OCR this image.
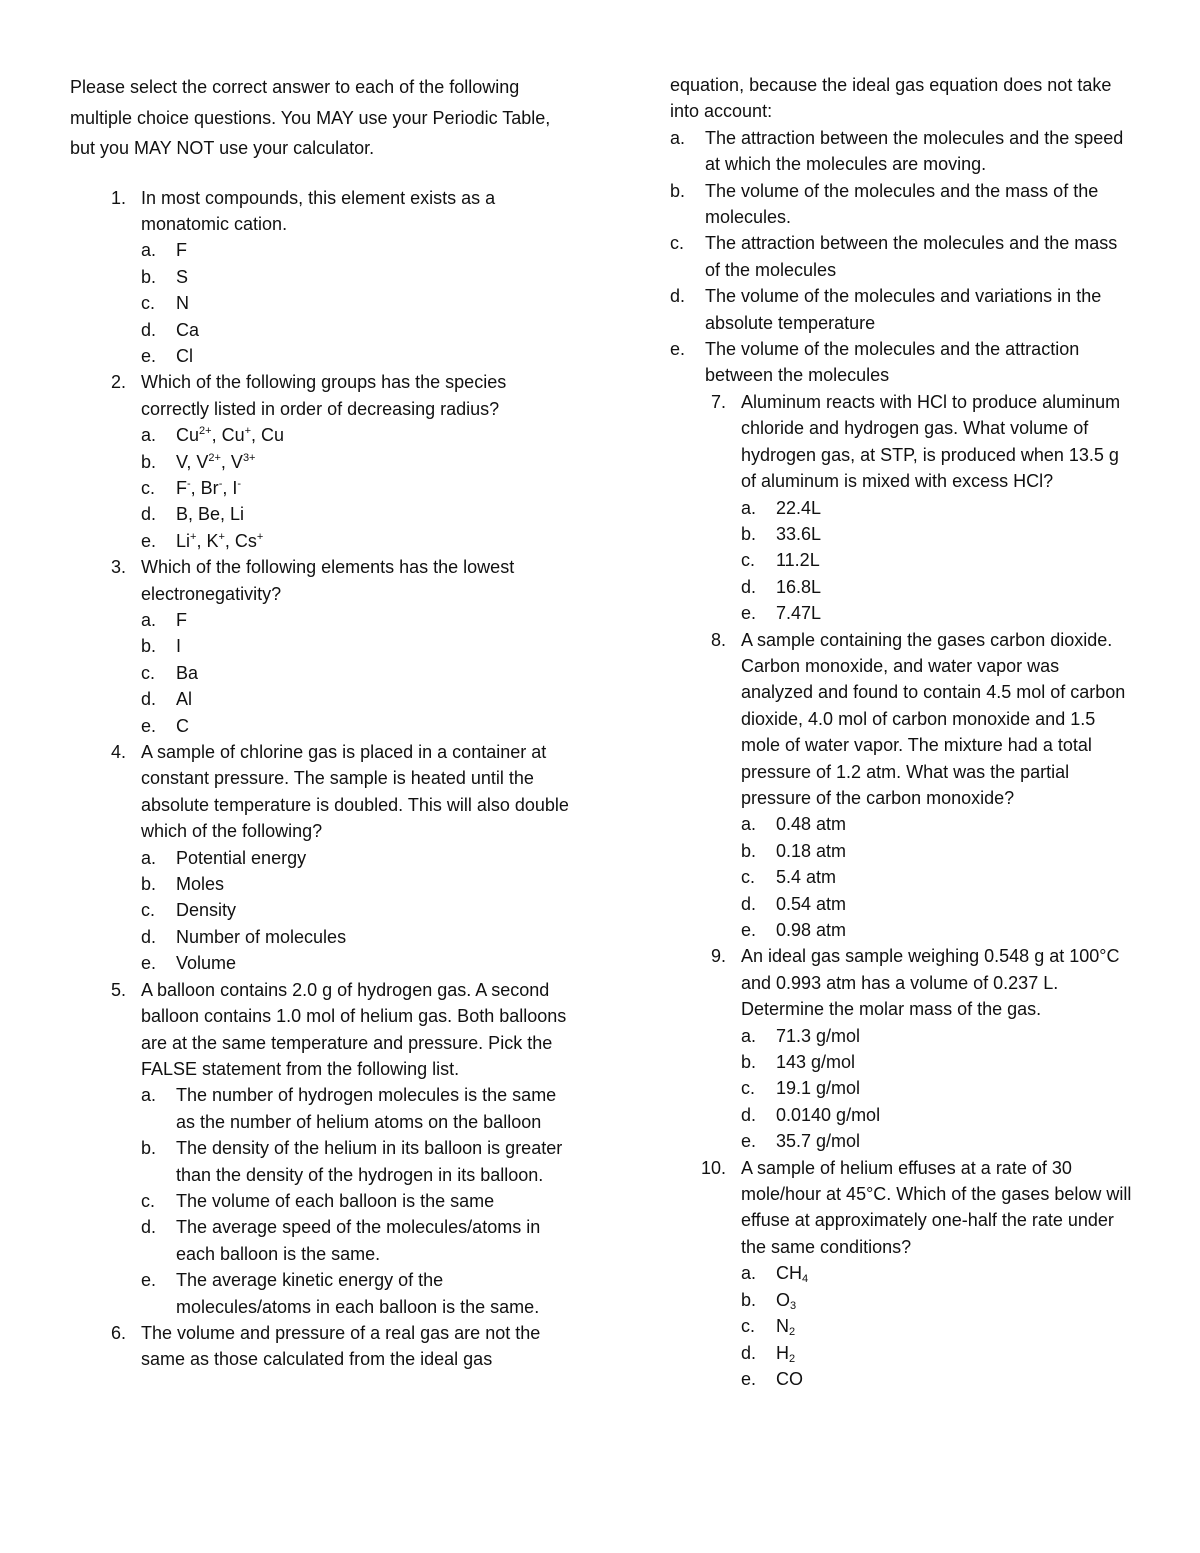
Please select the correct answer to each of the following multiple choice questions. You MAY use your Periodic Table, but you MAY NOT use your calculator.

1. In most compounds, this element exists as a monatomic cation.
a. F
b. S
c. N
d. Ca
e. Cl
2. Which of the following groups has the species correctly listed in order of decreasing radius?
a. $Cu^{2+}$, Cu+, Cu
b. V, $V^{2+}$, $V^{3+}$
c. F-, Br-, I-
d. B, Be, Li
e. Li+, K+, Cs+
3. Which of the following elements has the lowest electronegativity?
a. F
b. I
c. Ba
d. Al
e. C
4. A sample of chlorine gas is placed in a container at constant pressure. The sample is heated until the absolute temperature is doubled. This will also double which of the following?
a. Potential energy
b. Moles
c. Density
d. Number of molecules
e. Volume
5. A balloon contains 2.0 g of hydrogen gas. A second balloon contains 1.0 mol of helium gas. Both balloons are at the same temperature and pressure. Pick the FALSE statement from the following list.
a. The number of hydrogen molecules is the same as the number of helium atoms on the balloon
b. The density of the helium in its balloon is greater than the density of the hydrogen in its balloon.
c. The volume of each balloon is the same
d. The average speed of the molecules/atoms in each balloon is the same.
e. The average kinetic energy of the molecules/atoms in each balloon is the same.
6. The volume and pressure of a real gas are not the same as those calculated from the ideal gas
equation, because the ideal gas equation does not take into account:
a. The attraction between the molecules and the speed at which the molecules are moving.
b. The volume of the molecules and the mass of the molecules.
c. The attraction between the molecules and the mass of the molecules
d. The volume of the molecules and variations in the absolute temperature
e. The volume of the molecules and the attraction between the molecules
7. Aluminum reacts with HCl to produce aluminum chloride and hydrogen gas. What volume of hydrogen gas, at STP, is produced when 13.5 g of aluminum is mixed with excess HCl?
a. 22.4L
b. 33.6L
c. 11.2L
d. 16.8L
e. 7.47L
8. A sample containing the gases carbon dioxide. Carbon monoxide, and water vapor was analyzed and found to contain 4.5 mol of carbon dioxide, 4.0 mol of carbon monoxide and 1.5 mole of water vapor. The mixture had a total pressure of 1.2 atm. What was the partial pressure of the carbon monoxide?
a. 0.48 atm
b. 0.18 atm
c. 5.4 atm
d. 0.54 atm
e. 0.98 atm
9. An ideal gas sample weighing 0.548 g at 100°C and 0.993 atm has a volume of 0.237 L. Determine the molar mass of the gas.
a. 71.3 g/mol
b. 143 g/mol
c. 19.1 g/mol
d. 0.0140 g/mol
e. 35.7 g/mol
10. A sample of helium effuses at a rate of 30 mole/hour at 45°C. Which of the gases below will effuse at approximately one-half the rate under the same conditions?
a. $CH_4$
b. $O_3$
c. $N_2$
d. $H_2$
e. CO
